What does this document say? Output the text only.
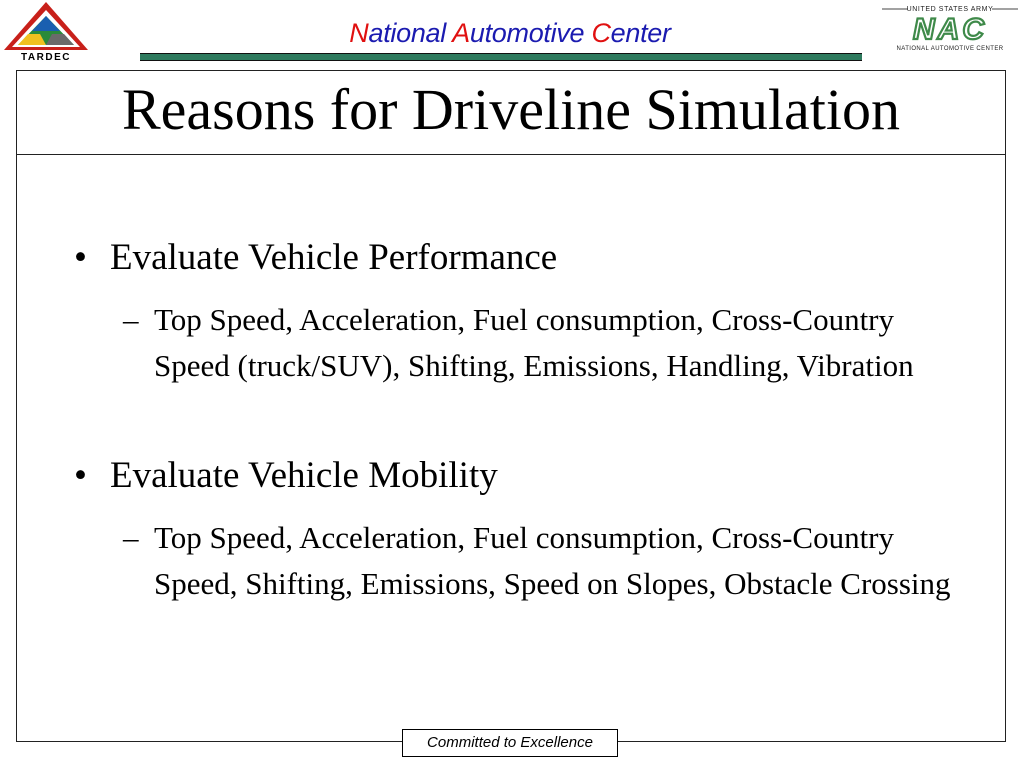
TARDEC
National Automotive Center
UNITED STATES ARMY
NAC
NATIONAL AUTOMOTIVE CENTER
Reasons for Driveline Simulation
• Evaluate Vehicle Performance
– Top Speed, Acceleration, Fuel consumption, Cross-Country Speed (truck/SUV), Shifting, Emissions, Handling, Vibration
• Evaluate Vehicle Mobility
– Top Speed, Acceleration, Fuel consumption, Cross-Country Speed, Shifting, Emissions, Speed on Slopes, Obstacle Crossing
Committed to Excellence
